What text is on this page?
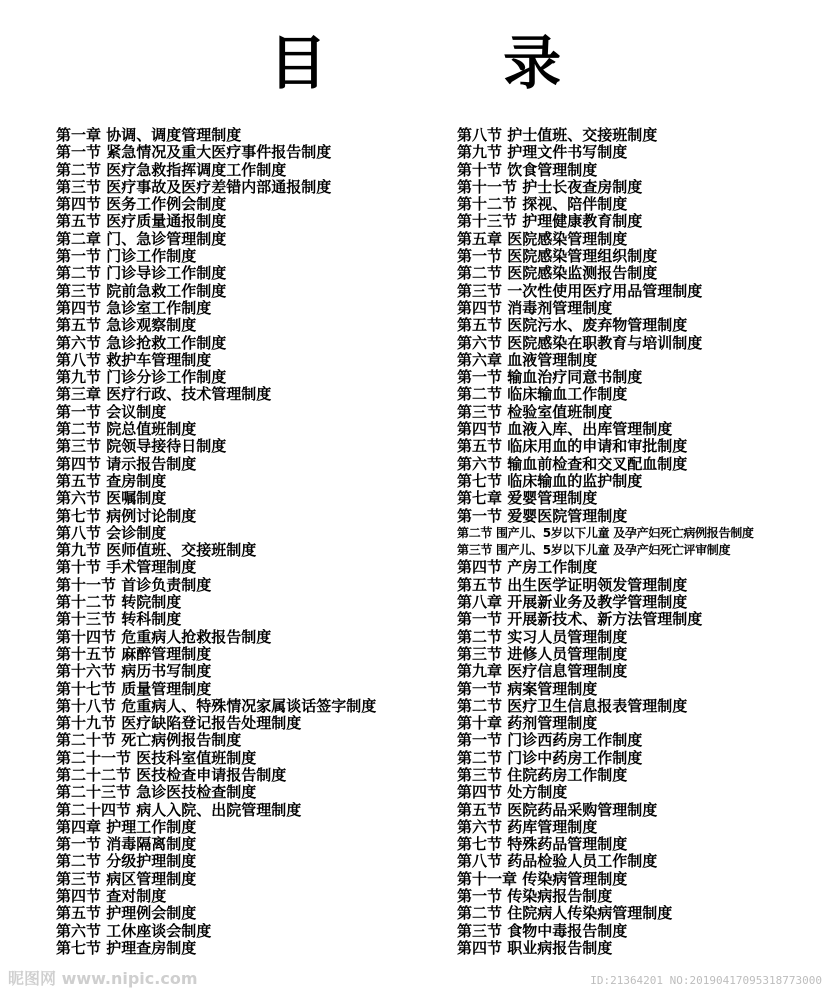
目 录
第一章 协调、调度管理制度
第一节 紧急情况及重大医疗事件报告制度
第二节 医疗急救指挥调度工作制度
第三节 医疗事故及医疗差错内部通报制度
第四节 医务工作例会制度
第五节 医疗质量通报制度
第二章 门、急诊管理制度
第一节 门诊工作制度
第二节 门诊导诊工作制度
第三节 院前急救工作制度
第四节 急诊室工作制度
第五节 急诊观察制度
第六节 急诊抢救工作制度
第八节 救护车管理制度
第九节 门诊分诊工作制度
第三章 医疗行政、技术管理制度
第一节 会议制度
第二节 院总值班制度
第三节 院领导接待日制度
第四节 请示报告制度
第五节 查房制度
第六节 医嘱制度
第七节 病例讨论制度
第八节 会诊制度
第九节 医师值班、交接班制度
第十节 手术管理制度
第十一节 首诊负责制度
第十二节 转院制度
第十三节 转科制度
第十四节 危重病人抢救报告制度
第十五节 麻醉管理制度
第十六节 病历书写制度
第十七节 质量管理制度
第十八节 危重病人、特殊情况家属谈话签字制度
第十九节 医疗缺陷登记报告处理制度
第二十节 死亡病例报告制度
第二十一节 医技科室值班制度
第二十二节 医技检查申请报告制度
第二十三节 急诊医技检查制度
第二十四节 病人入院、出院管理制度
第四章 护理工作制度
第一节 消毒隔离制度
第二节 分级护理制度
第三节 病区管理制度
第四节 查对制度
第五节 护理例会制度
第六节 工休座谈会制度
第七节 护理查房制度
第八节 护士值班、交接班制度
第九节 护理文件书写制度
第十节 饮食管理制度
第十一节 护士长夜查房制度
第十二节 探视、陪伴制度
第十三节 护理健康教育制度
第五章 医院感染管理制度
第一节 医院感染管理组织制度
第二节 医院感染监测报告制度
第三节 一次性使用医疗用品管理制度
第四节 消毒剂管理制度
第五节 医院污水、废弃物管理制度
第六节 医院感染在职教育与培训制度
第六章 血液管理制度
第一节 输血治疗同意书制度
第二节 临床输血工作制度
第三节 检验室值班制度
第四节 血液入库、出库管理制度
第五节 临床用血的申请和审批制度
第六节 输血前检查和交叉配血制度
第七节 临床输血的监护制度
第七章 爱婴管理制度
第一节 爱婴医院管理制度
第二节 围产儿、5岁以下儿童 及孕产妇死亡病例报告制度
第三节 围产儿、5岁以下儿童 及孕产妇死亡评审制度
第四节 产房工作制度
第五节 出生医学证明领发管理制度
第八章 开展新业务及教学管理制度
第一节 开展新技术、新方法管理制度
第二节 实习人员管理制度
第三节 进修人员管理制度
第九章 医疗信息管理制度
第一节 病案管理制度
第二节 医疗卫生信息报表管理制度
第十章 药剂管理制度
第一节 门诊西药房工作制度
第二节 门诊中药房工作制度
第三节 住院药房工作制度
第四节 处方制度
第五节 医院药品采购管理制度
第六节 药库管理制度
第七节 特殊药品管理制度
第八节 药品检验人员工作制度
第十一章 传染病管理制度
第一节 传染病报告制度
第二节 住院病人传染病管理制度
第三节 食物中毒报告制度
第四节 职业病报告制度
昵图网 www.nipic.com	ID:21364201 NO:20190417095318773000
